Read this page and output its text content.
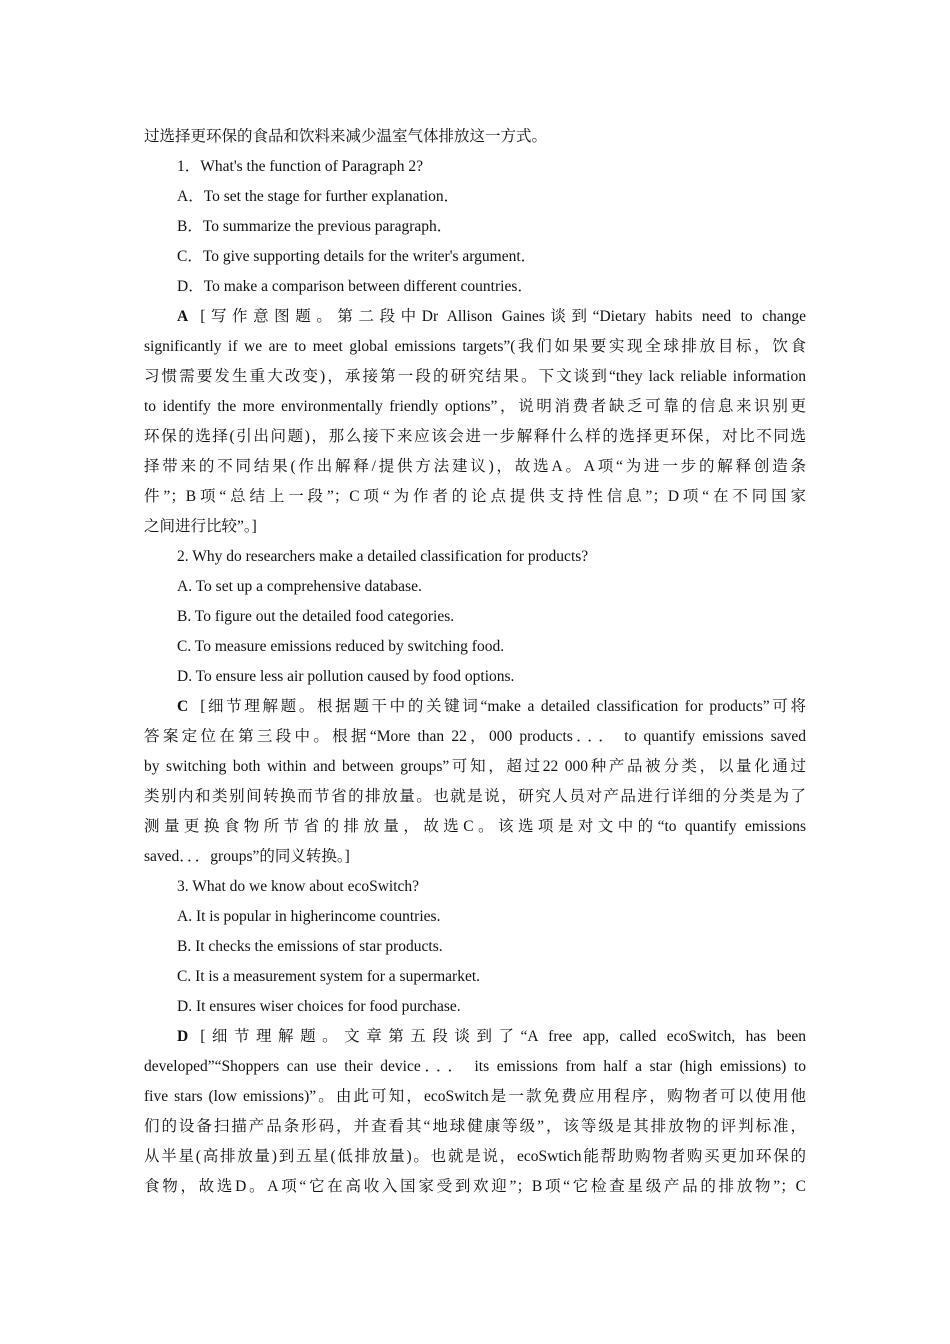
过选择更环保的食品和饮料来减少温室气体排放这一方式。

1．What's the function of Paragraph 2?

A．To set the stage for further explanation．

B．To summarize the previous paragraph．

C．To give supporting details for the writer's argument．

D．To make a comparison between different countries．

A [写作意图题。第二段中Dr Allison Gaines谈到“Dietary habits need to change

significantly if we are to meet global emissions targets”(我们如果要实现全球排放目标，饮食

习惯需要发生重大改变)，承接第一段的研究结果。下文谈到“they lack reliable information

to identify the more environmentally friendly options”，说明消费者缺乏可靠的信息来识别更

环保的选择(引出问题)，那么接下来应该会进一步解释什么样的选择更环保，对比不同选

择带来的不同结果(作出解释/提供方法建议)，故选A。A项“为进一步的解释创造条

件”；B项“总结上一段”；C项“为作者的论点提供支持性信息”；D项“在不同国家

之间进行比较”。]

2. Why do researchers make a detailed classification for products?

A. To set up a comprehensive database.

B. To figure out the detailed food categories.

C. To measure emissions reduced by switching food.

D. To ensure less air pollution caused by food options.

C [细节理解题。根据题干中的关键词“make a detailed classification for products”可将

答案定位在第三段中。根据“More than 22，000 products．．． to quantify emissions saved

by switching both within and between groups”可知，超过22 000种产品被分类，以量化通过

类别内和类别间转换而节省的排放量。也就是说，研究人员对产品进行详细的分类是为了

测量更换食物所节省的排放量，故选C。该选项是对文中的“to quantify emissions

saved．．．groups”的同义转换。]

3. What do we know about ecoSwitch?

A. It is popular in higherincome countries.

B. It checks the emissions of star products.

C. It is a measurement system for a supermarket.

D. It ensures wiser choices for food purchase.

D [细节理解题。文章第五段谈到了“A free app, called ecoSwitch, has been

developed”“Shoppers can use their device．．． its emissions from half a star (high emissions) to

five stars (low emissions)”。由此可知，ecoSwitch是一款免费应用程序，购物者可以使用他

们的设备扫描产品条形码，并查看其“地球健康等级”，该等级是其排放物的评判标准，

从半星(高排放量)到五星(低排放量)。也就是说，ecoSwtich能帮助购物者购买更加环保的

食物，故选D。A项“它在高收入国家受到欢迎”；B项“它检查星级产品的排放物”；C
